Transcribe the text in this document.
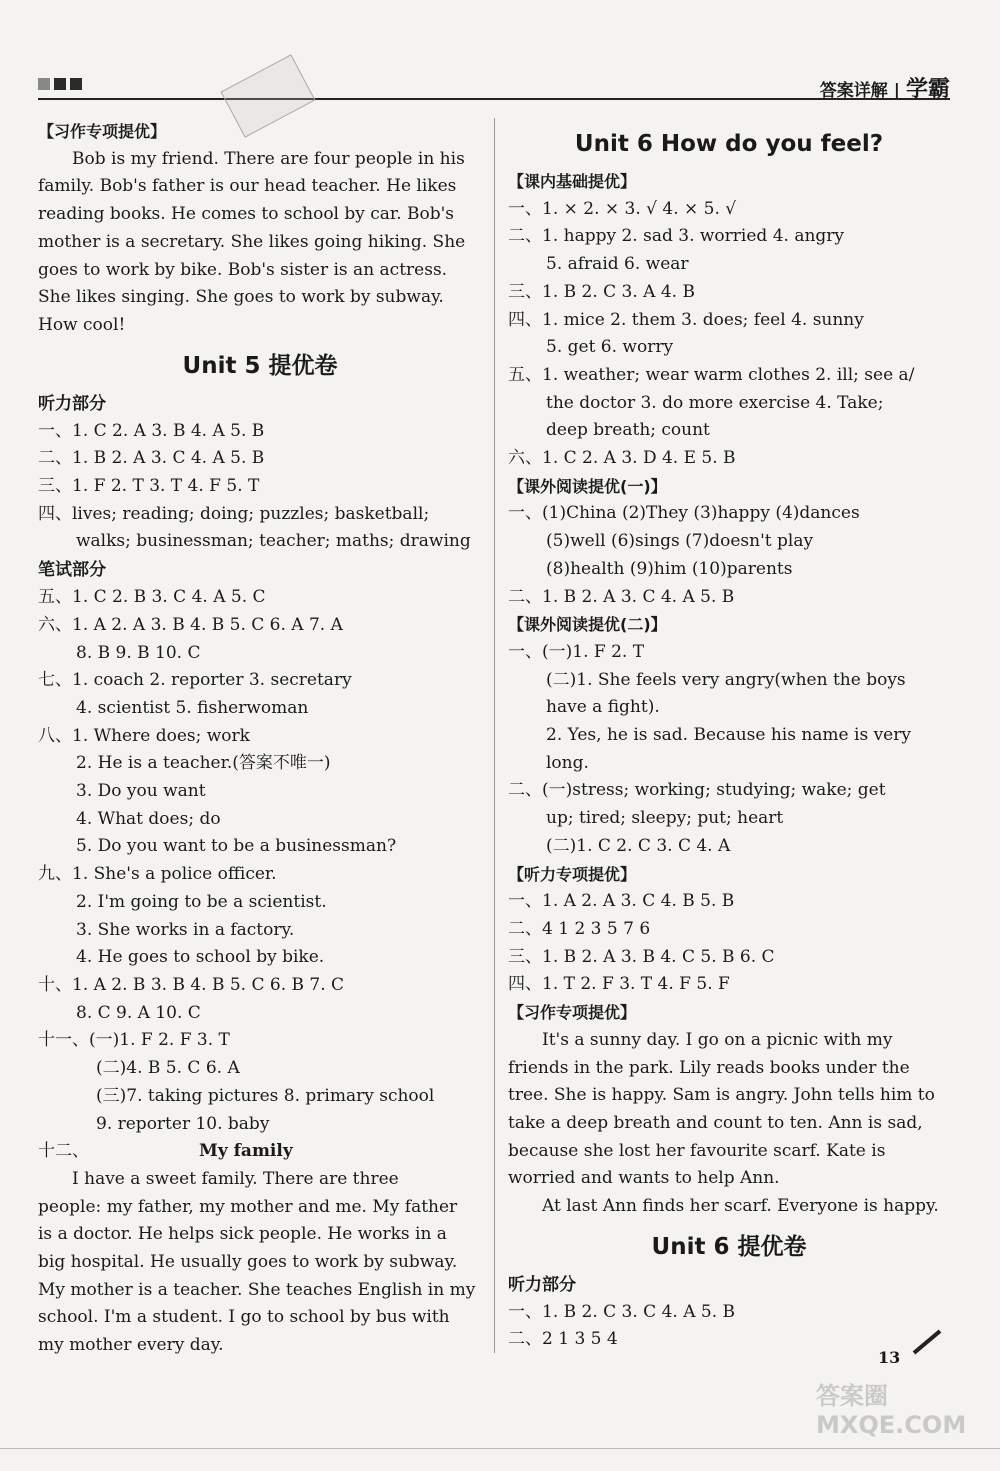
答案详解 | 学霸
【习作专项提优】
Bob is my friend. There are four people in his
family. Bob's father is our head teacher. He likes
reading books. He comes to school by car. Bob's
mother is a secretary. She likes going hiking. She
goes to work by bike. Bob's sister is an actress.
She likes singing. She goes to work by subway.
How cool!
Unit 5 提优卷
听力部分
一、1. C 2. A 3. B 4. A 5. B
二、1. B 2. A 3. C 4. A 5. B
三、1. F 2. T 3. T 4. F 5. T
四、lives; reading; doing; puzzles; basketball;
walks; businessman; teacher; maths; drawing
笔试部分
五、1. C 2. B 3. C 4. A 5. C
六、1. A 2. A 3. B 4. B 5. C 6. A 7. A
8. B 9. B 10. C
七、1. coach 2. reporter 3. secretary
4. scientist 5. fisherwoman
八、1. Where does; work
2. He is a teacher.(答案不唯一)
3. Do you want
4. What does; do
5. Do you want to be a businessman?
九、1. She's a police officer.
2. I'm going to be a scientist.
3. She works in a factory.
4. He goes to school by bike.
十、1. A 2. B 3. B 4. B 5. C 6. B 7. C
8. C 9. A 10. C
十一、(一)1. F 2. F 3. T
(二)4. B 5. C 6. A
(三)7. taking pictures 8. primary school
9. reporter 10. baby
十二、	My family
I have a sweet family. There are three
people: my father, my mother and me. My father
is a doctor. He helps sick people. He works in a
big hospital. He usually goes to work by subway.
My mother is a teacher. She teaches English in my
school. I'm a student. I go to school by bus with
my mother every day.
Unit 6 How do you feel?
【课内基础提优】
一、1. × 2. × 3. √ 4. × 5. √
二、1. happy 2. sad 3. worried 4. angry
5. afraid 6. wear
三、1. B 2. C 3. A 4. B
四、1. mice 2. them 3. does; feel 4. sunny
5. get 6. worry
五、1. weather; wear warm clothes 2. ill; see a/
the doctor 3. do more exercise 4. Take;
deep breath; count
六、1. C 2. A 3. D 4. E 5. B
【课外阅读提优(一)】
一、(1)China (2)They (3)happy (4)dances
(5)well (6)sings (7)doesn't play
(8)health (9)him (10)parents
二、1. B 2. A 3. C 4. A 5. B
【课外阅读提优(二)】
一、(一)1. F 2. T
(二)1. She feels very angry(when the boys
have a fight).
2. Yes, he is sad. Because his name is very
long.
二、(一)stress; working; studying; wake; get
up; tired; sleepy; put; heart
(二)1. C 2. C 3. C 4. A
【听力专项提优】
一、1. A 2. A 3. C 4. B 5. B
二、4 1 2 3 5 7 6
三、1. B 2. A 3. B 4. C 5. B 6. C
四、1. T 2. F 3. T 4. F 5. F
【习作专项提优】
It's a sunny day. I go on a picnic with my
friends in the park. Lily reads books under the
tree. She is happy. Sam is angry. John tells him to
take a deep breath and count to ten. Ann is sad,
because she lost her favourite scarf. Kate is
worried and wants to help Ann.
At last Ann finds her scarf. Everyone is happy.
Unit 6 提优卷
听力部分
一、1. B 2. C 3. C 4. A 5. B
二、2 1 3 5 4
13
答案圈 MXQE.COM
